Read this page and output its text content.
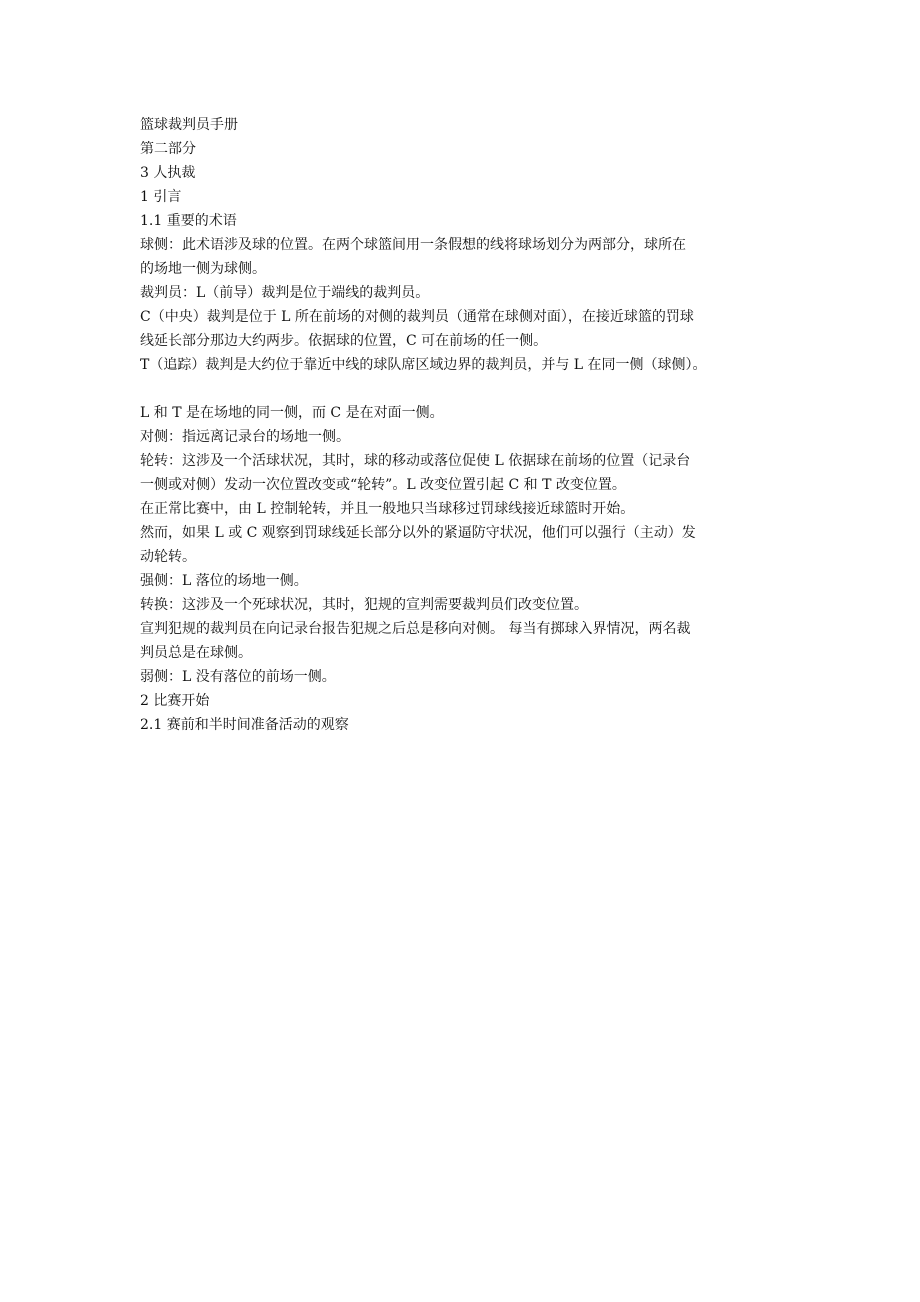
篮球裁判员手册
第二部分
3 人执裁
1 引言
1.1 重要的术语
球侧：此术语涉及球的位置。在两个球篮间用一条假想的线将球场划分为两部分，球所在
的场地一侧为球侧。
裁判员：L（前导）裁判是位于端线的裁判员。
C（中央）裁判是位于 L 所在前场的对侧的裁判员（通常在球侧对面），在接近球篮的罚球
线延长部分那边大约两步。依据球的位置，C 可在前场的任一侧。
T（追踪）裁判是大约位于靠近中线的球队席区域边界的裁判员，并与 L 在同一侧（球侧）。
L 和 T 是在场地的同一侧，而 C 是在对面一侧。
对侧：指远离记录台的场地一侧。
轮转：这涉及一个活球状况，其时，球的移动或落位促使 L 依据球在前场的位置（记录台
一侧或对侧）发动一次位置改变或“轮转”。L 改变位置引起 C 和 T 改变位置。
在正常比赛中，由 L 控制轮转，并且一般地只当球移过罚球线接近球篮时开始。
然而，如果 L 或 C 观察到罚球线延长部分以外的紧逼防守状况，他们可以强行（主动）发
动轮转。
强侧：L 落位的场地一侧。
转换：这涉及一个死球状况，其时，犯规的宣判需要裁判员们改变位置。
宣判犯规的裁判员在向记录台报告犯规之后总是移向对侧。 每当有掷球入界情况，两名裁
判员总是在球侧。
弱侧：L 没有落位的前场一侧。
2 比赛开始
2.1 赛前和半时间准备活动的观察
